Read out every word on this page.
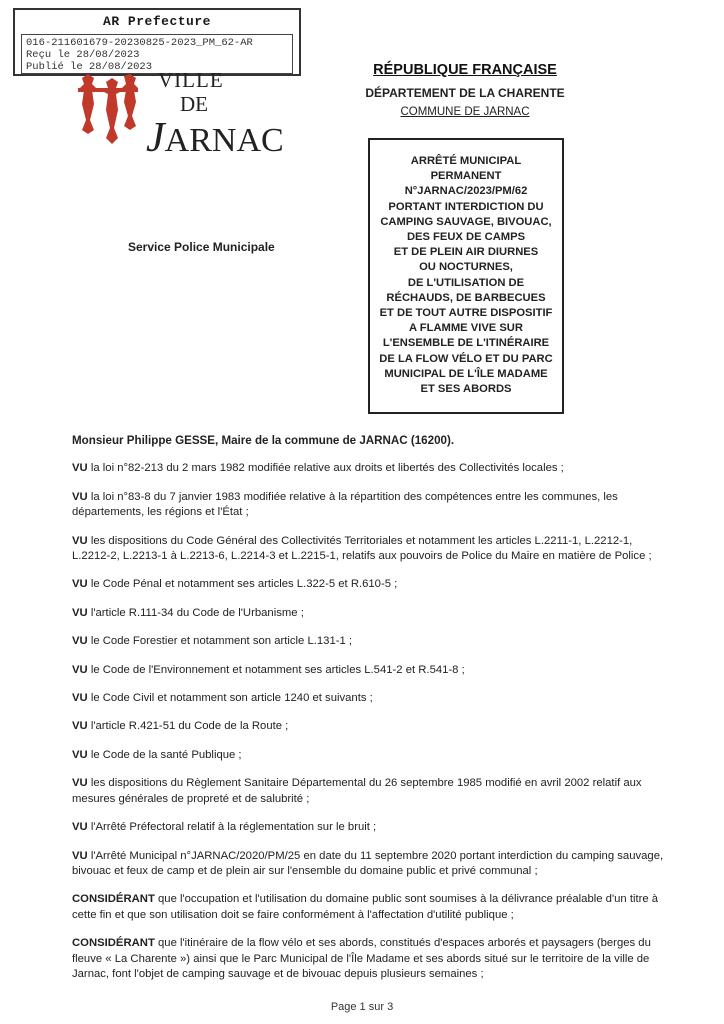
AR Prefecture
016-211601679-20230825-2023_PM_62-AR
Reçu le 28/08/2023
Publié le 28/08/2023
VILLE
DE
JARNAC
Service Police Municipale
RÉPUBLIQUE FRANÇAISE
DÉPARTEMENT DE LA CHARENTE
COMMUNE DE JARNAC
ARRÊTÉ MUNICIPAL
PERMANENT
N°JARNAC/2023/PM/62
PORTANT INTERDICTION DU
CAMPING SAUVAGE, BIVOUAC,
DES FEUX DE CAMPS
ET DE PLEIN AIR DIURNES
OU NOCTURNES,
DE L'UTILISATION DE
RÉCHAUDS, DE BARBECUES
ET DE TOUT AUTRE DISPOSITIF
A FLAMME VIVE SUR
L'ENSEMBLE DE L'ITINÉRAIRE
DE LA FLOW VÉLO ET DU PARC
MUNICIPAL DE L'ÎLE MADAME
ET SES ABORDS

Monsieur Philippe GESSE, Maire de la commune de JARNAC (16200).

VU la loi n°82-213 du 2 mars 1982 modifiée relative aux droits et libertés des Collectivités locales ;

VU la loi n°83-8 du 7 janvier 1983 modifiée relative à la répartition des compétences entre les communes, les départements, les régions et l'État ;

VU les dispositions du Code Général des Collectivités Territoriales et notamment les articles L.2211-1, L.2212-1, L.2212-2, L.2213-1 à L.2213-6, L.2214-3 et L.2215-1, relatifs aux pouvoirs de Police du Maire en matière de Police ;

VU le Code Pénal et notamment ses articles L.322-5 et R.610-5 ;

VU l'article R.111-34 du Code de l'Urbanisme ;

VU le Code Forestier et notamment son article L.131-1 ;

VU le Code de l'Environnement et notamment ses articles L.541-2 et R.541-8 ;

VU le Code Civil et notamment son article 1240 et suivants ;

VU l'article R.421-51 du Code de la Route ;

VU le Code de la santé Publique ;

VU les dispositions du Règlement Sanitaire Départemental du 26 septembre 1985 modifié en avril 2002 relatif aux mesures générales de propreté et de salubrité ;

VU l'Arrêté Préfectoral relatif à la réglementation sur le bruit ;

VU l'Arrêté Municipal n°JARNAC/2020/PM/25 en date du 11 septembre 2020 portant interdiction du camping sauvage, bivouac et feux de camp et de plein air sur l'ensemble du domaine public et privé communal ;

CONSIDÉRANT que l'occupation et l'utilisation du domaine public sont soumises à la délivrance préalable d'un titre à cette fin et que son utilisation doit se faire conformément à l'affectation d'utilité publique ;

CONSIDÉRANT que l'itinéraire de la flow vélo et ses abords, constitués d'espaces arborés et paysagers (berges du fleuve « La Charente ») ainsi que le Parc Municipal de l'Île Madame et ses abords situé sur le territoire de la ville de Jarnac, font l'objet de camping sauvage et de bivouac depuis plusieurs semaines ;

Page 1 sur 3
